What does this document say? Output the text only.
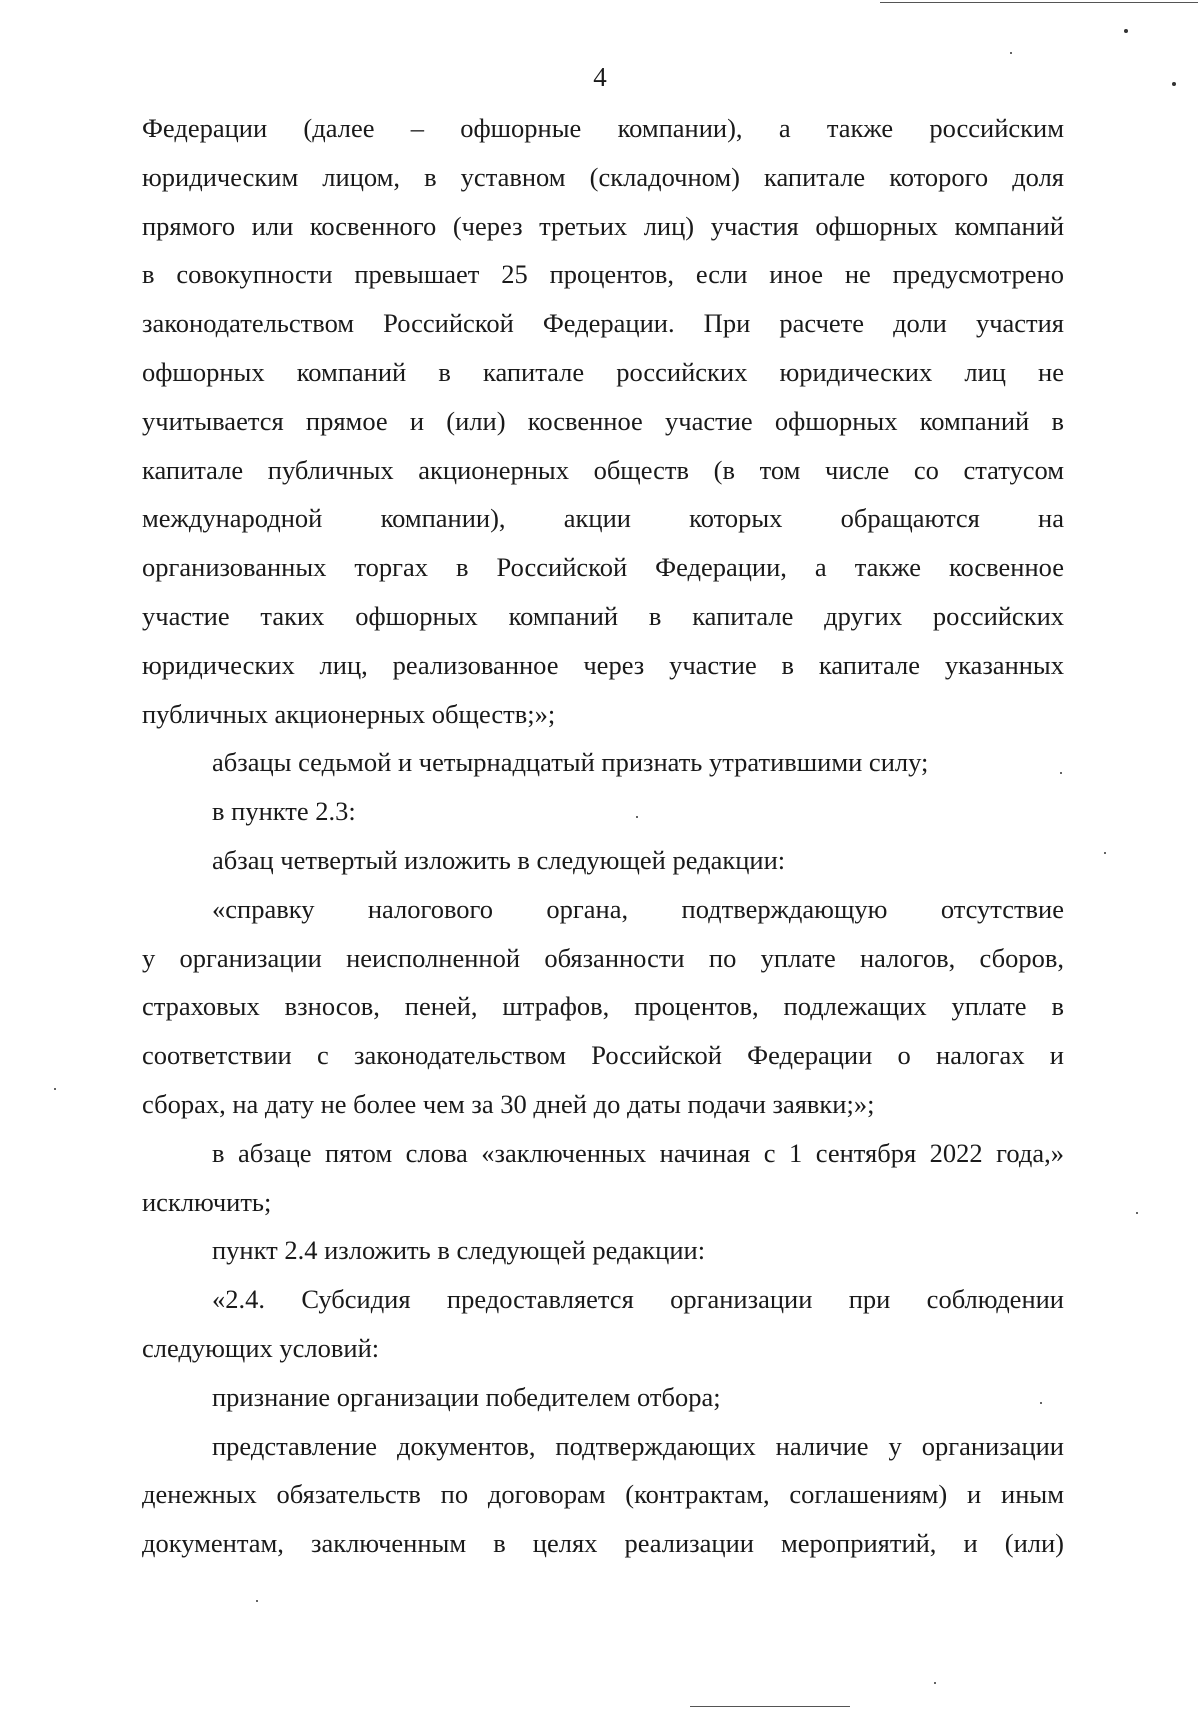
4
Федерации (далее – офшорные компании), а также российским
юридическим лицом, в уставном (складочном) капитале которого доля
прямого или косвенного (через третьих лиц) участия офшорных компаний
в совокупности превышает 25 процентов, если иное не предусмотрено
законодательством Российской Федерации. При расчете доли участия
офшорных компаний в капитале российских юридических лиц не
учитывается прямое и (или) косвенное участие офшорных компаний в
капитале публичных акционерных обществ (в том числе со статусом
международной компании), акции которых обращаются на
организованных торгах в Российской Федерации, а также косвенное
участие таких офшорных компаний в капитале других российских
юридических лиц, реализованное через участие в капитале указанных
публичных акционерных обществ;»;
абзацы седьмой и четырнадцатый признать утратившими силу;
в пункте 2.3:
абзац четвертый изложить в следующей редакции:
«справку налогового органа, подтверждающую отсутствие
у организации неисполненной обязанности по уплате налогов, сборов,
страховых взносов, пеней, штрафов, процентов, подлежащих уплате в
соответствии с законодательством Российской Федерации о налогах и
сборах, на дату не более чем за 30 дней до даты подачи заявки;»;
в абзаце пятом слова «заключенных начиная с 1 сентября 2022 года,»
исключить;
пункт 2.4 изложить в следующей редакции:
«2.4. Субсидия предоставляется организации при соблюдении
следующих условий:
признание организации победителем отбора;
представление документов, подтверждающих наличие у организации
денежных обязательств по договорам (контрактам, соглашениям) и иным
документам, заключенным в целях реализации мероприятий, и (или)
